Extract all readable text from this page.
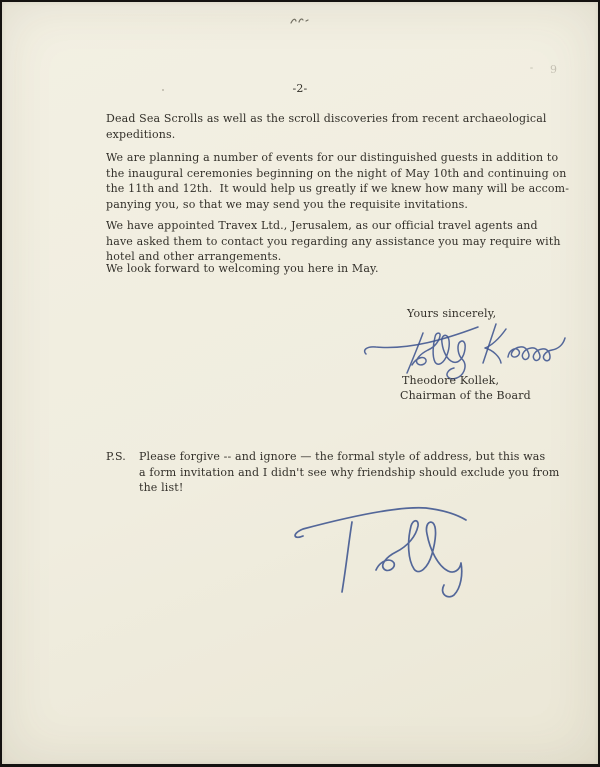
9
-2-
Dead Sea Scrolls as well as the scroll discoveries from recent archaeological
expeditions.
We are planning a number of events for our distinguished guests in addition to
the inaugural ceremonies beginning on the night of May 10th and continuing on
the 11th and 12th.  It would help us greatly if we knew how many will be accom-
panying you, so that we may send you the requisite invitations.
We have appointed Travex Ltd., Jerusalem, as our official travel agents and
have asked them to contact you regarding any assistance you may require with
hotel and other arrangements.
We look forward to welcoming you here in May.
Yours sincerely,
Theodore Kollek,
Chairman of the Board
P.S.	Please forgive -- and ignore — the formal style of address, but this was
a form invitation and I didn't see why friendship should exclude you from
the list!
